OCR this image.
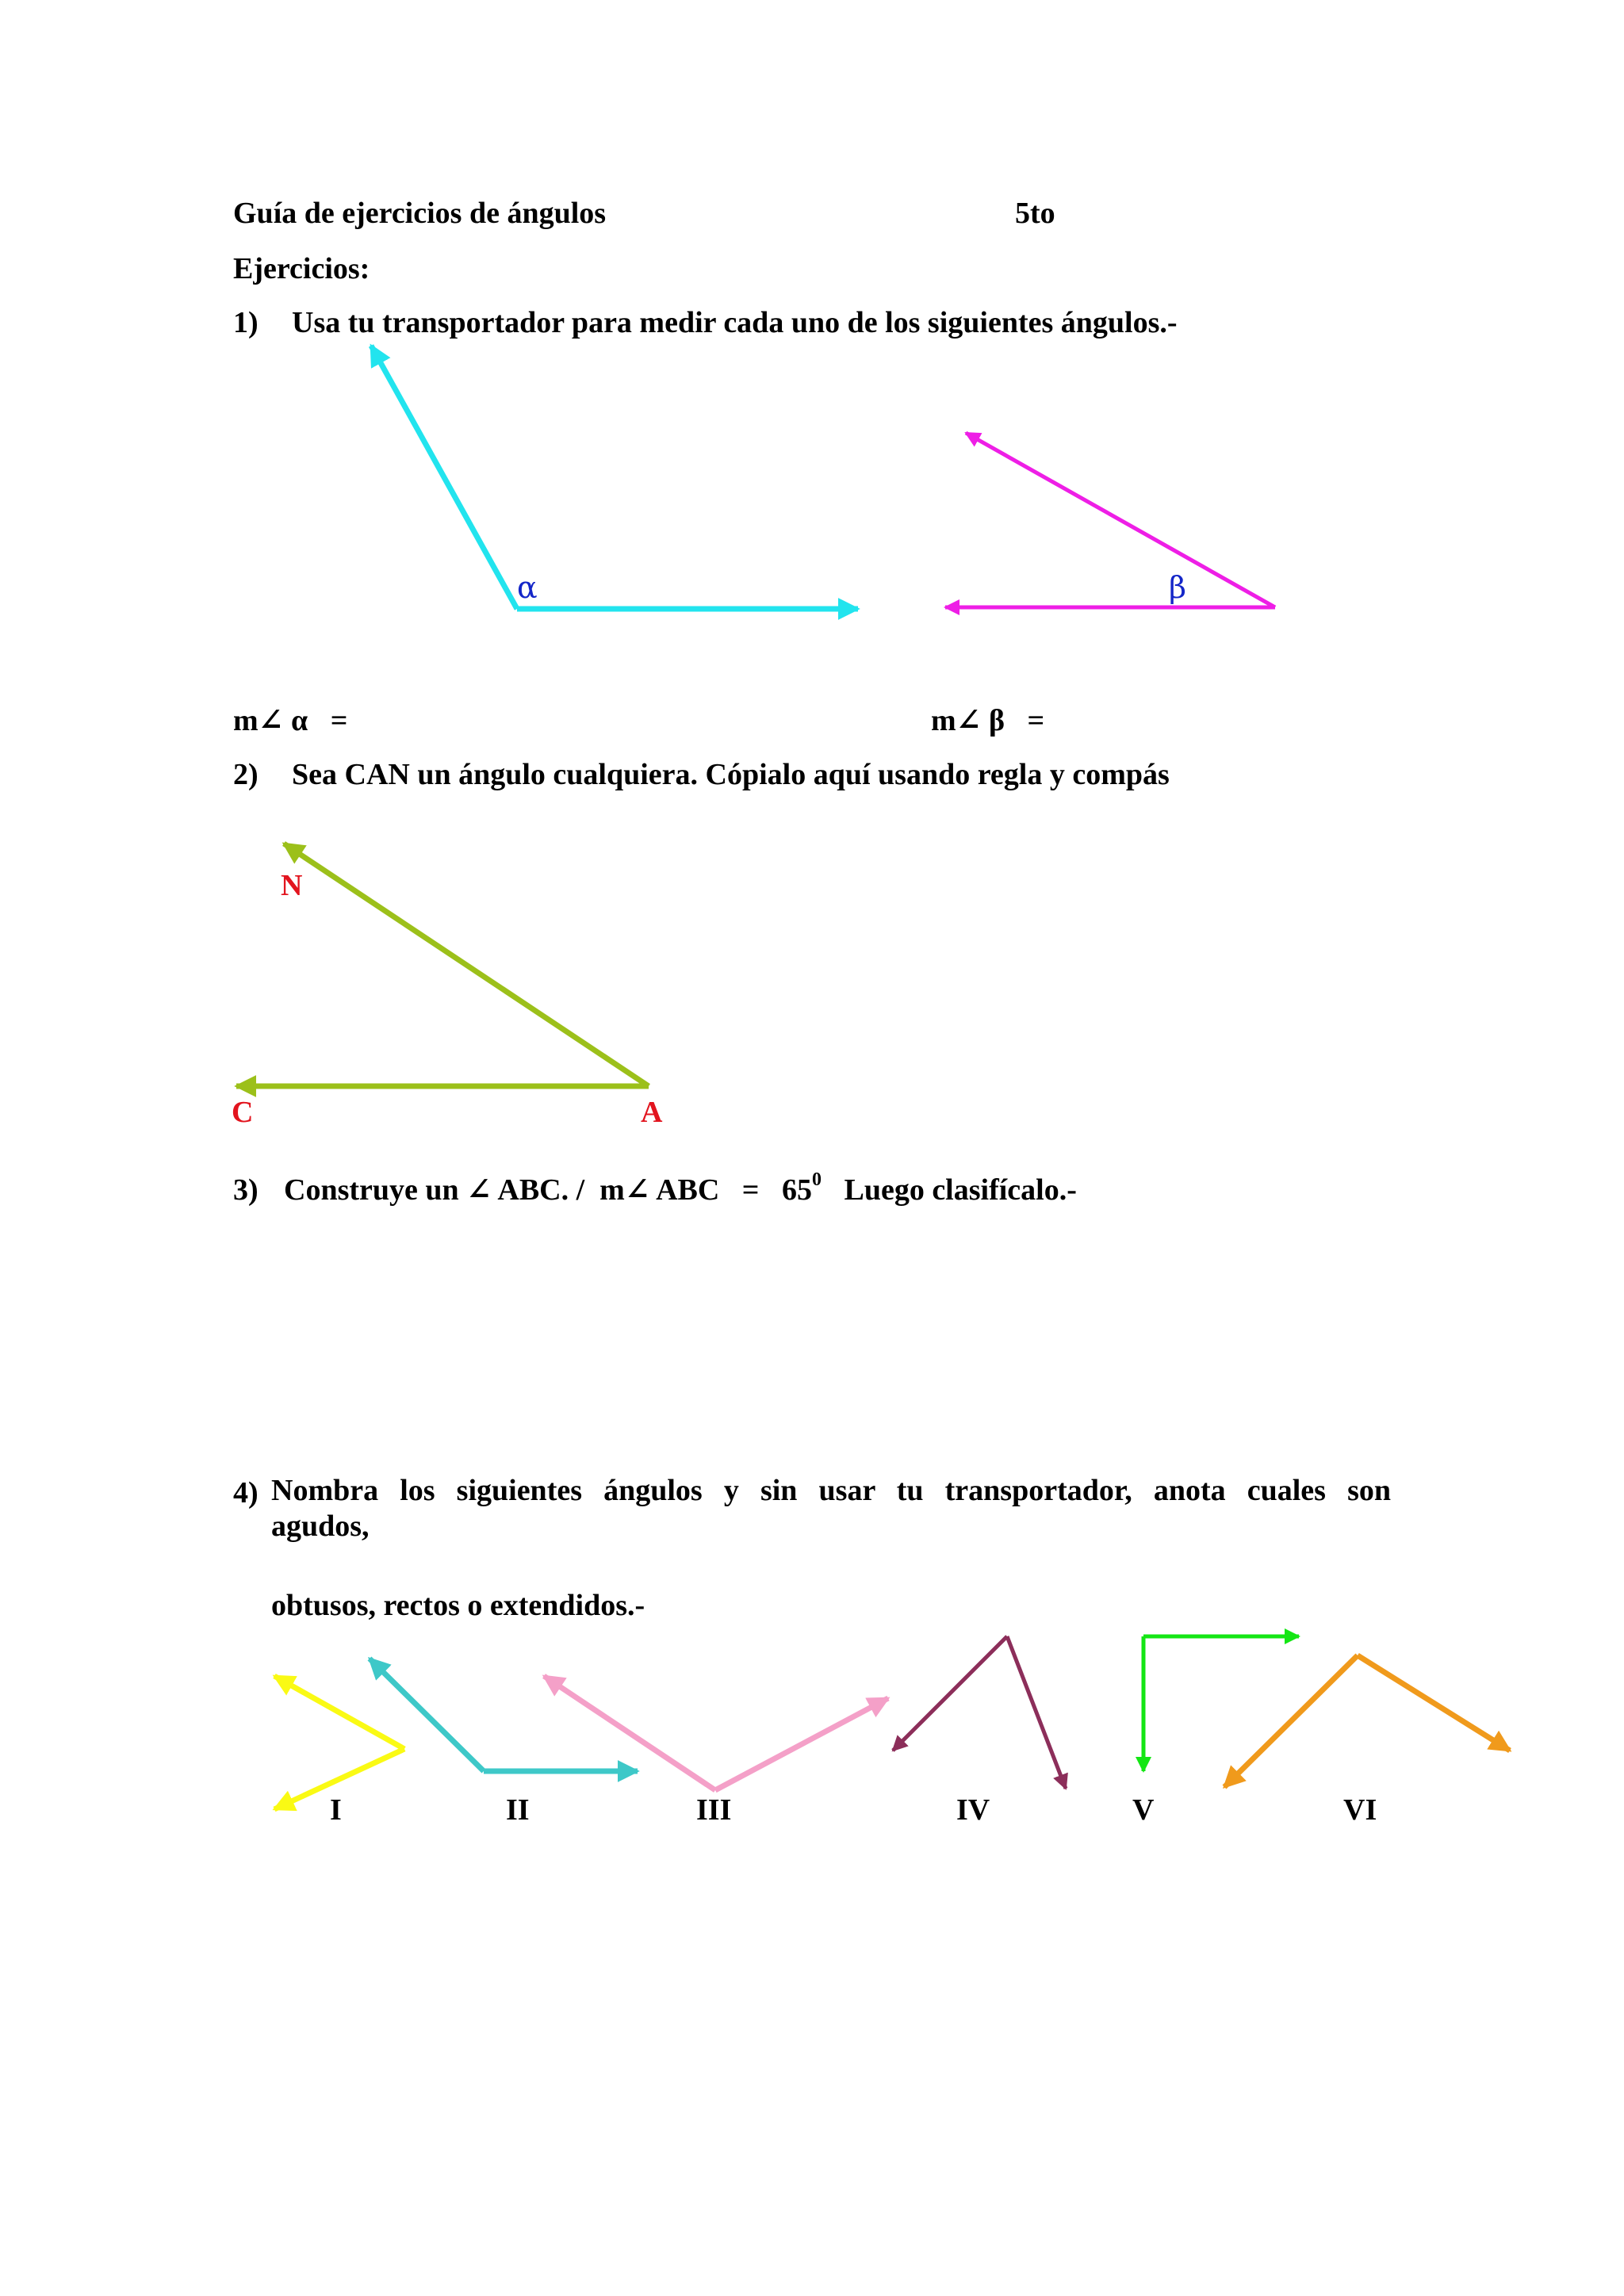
Guía de ejercicios de ángulos	5to
Ejercicios:
1) Usa tu transportador para medir cada uno de los siguientes ángulos.-
α	β
m∠ α   =	m∠ β   =
2) Sea CAN un ángulo cualquiera. Cópialo aquí usando regla y compás
N
C	A
3) Construye un ∠ ABC. /  m∠ ABC   =   $65^0$ Luego clasifícalo.-
4) Nombra los siguientes ángulos y sin usar tu transportador, anota cuales son
agudos,
obtusos, rectos o extendidos.-
I	II	III	IV	V	VI
